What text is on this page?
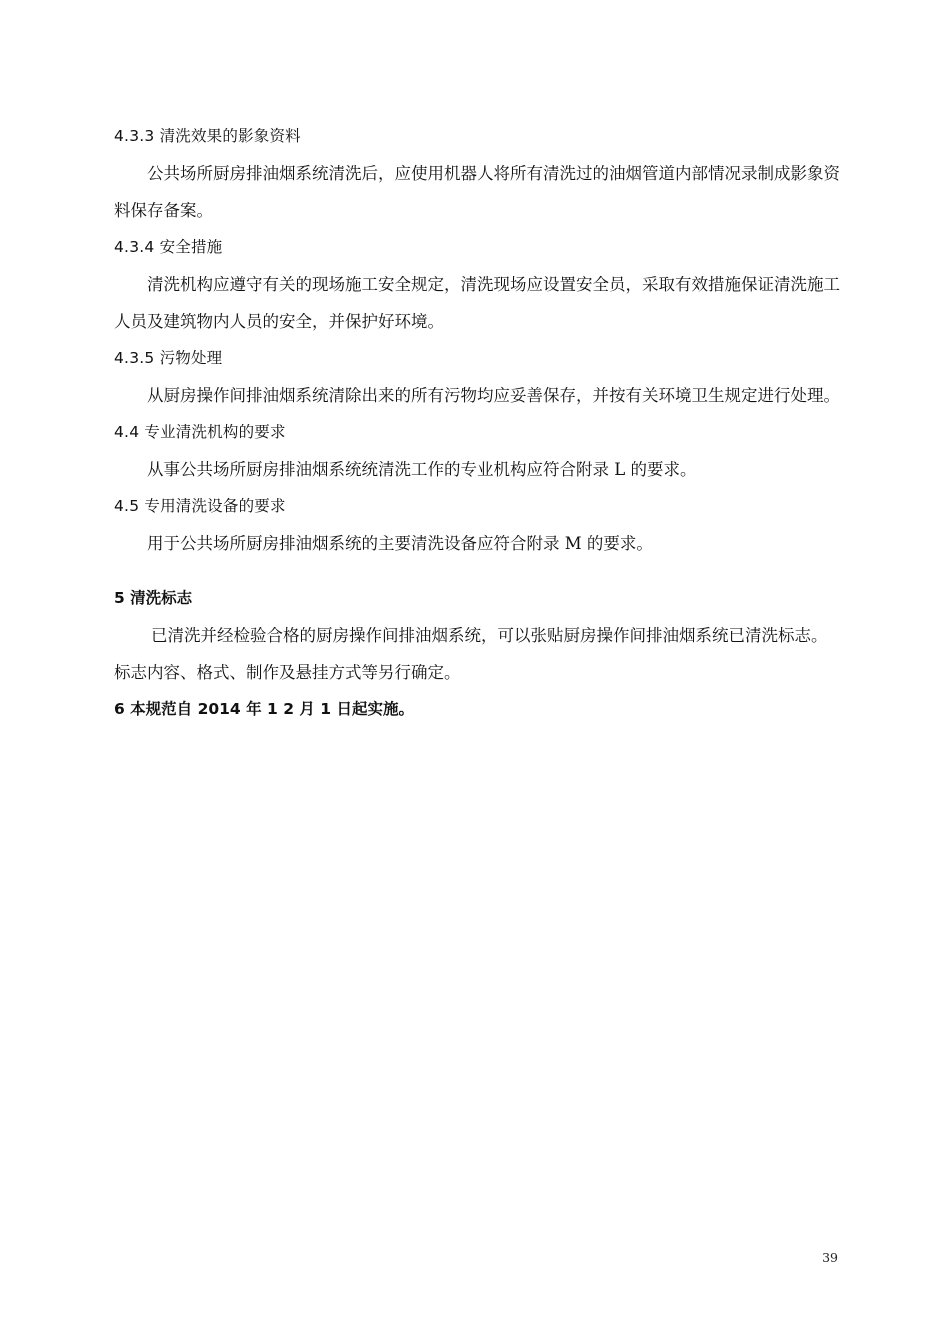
4.3.3 清洗效果的影象资料

公共场所厨房排油烟系统清洗后，应使用机器人将所有清洗过的油烟管道内部情况录制成影象资料保存备案。

4.3.4 安全措施

清洗机构应遵守有关的现场施工安全规定，清洗现场应设置安全员，采取有效措施保证清洗施工人员及建筑物内人员的安全，并保护好环境。

4.3.5 污物处理

从厨房操作间排油烟系统清除出来的所有污物均应妥善保存，并按有关环境卫生规定进行处理。

4.4 专业清洗机构的要求

从事公共场所厨房排油烟系统统清洗工作的专业机构应符合附录 L 的要求。

4.5 专用清洗设备的要求

用于公共场所厨房排油烟系统的主要清洗设备应符合附录 M 的要求。

5 清洗标志

已清洗并经检验合格的厨房操作间排油烟系统，可以张贴厨房操作间排油烟系统已清洗标志。标志内容、格式、制作及悬挂方式等另行确定。

6 本规范自 2014 年 1 2 月 1 日起实施。

39
